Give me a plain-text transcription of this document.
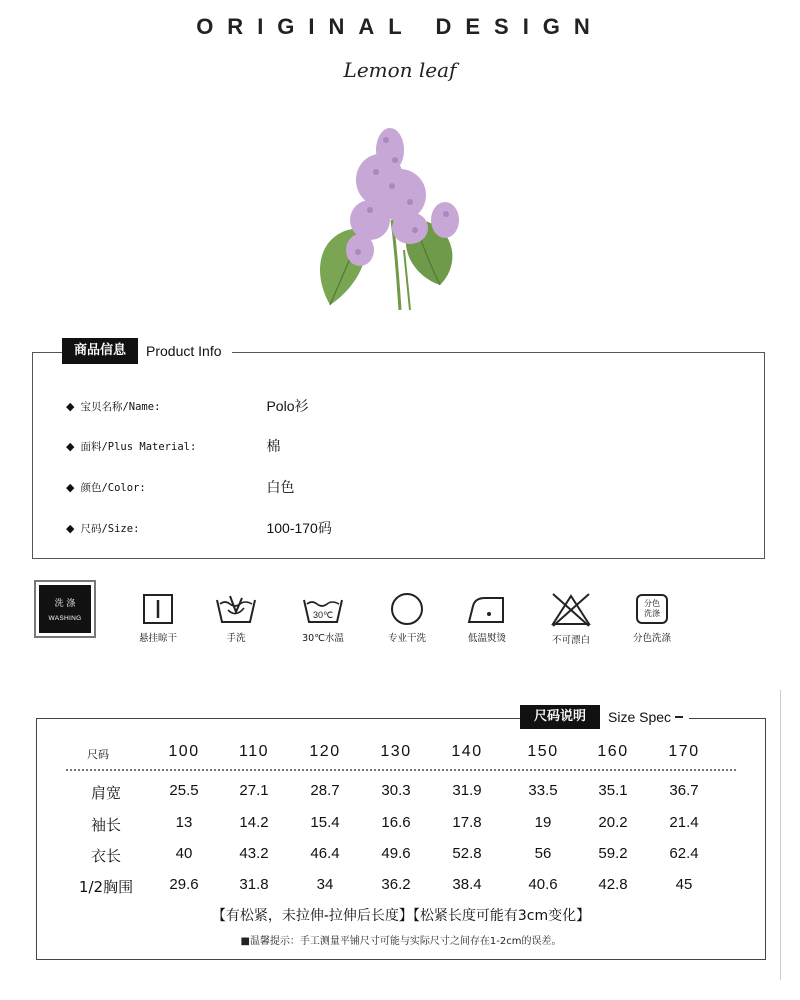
ORIGINAL DESIGN
Lemon leaf
商品信息	Product Info
◆ 宝贝名称/Name:	Polo衫
◆ 面料/Plus Material:	棉
◆ 颜色/Color:	白色
◆ 尺码/Size:	100-170码
洗 涤
WASHING
悬挂晾干	手洗
30℃
30℃水温	专业干洗	低温熨烫	不可漂白
分色洗涤
分色洗涤
尺码说明	Size Spec
尺码	100	110	120	130	140	150	160	170
肩宽	25.5	27.1	28.7	30.3	31.9	33.5	35.1	36.7
袖长	13	14.2	15.4	16.6	17.8	19	20.2	21.4
衣长	40	43.2	46.4	49.6	52.8	56	59.2	62.4
1/2胸围	29.6	31.8	34	36.2	38.4	40.6	42.8	45
【有松紧，未拉伸-拉伸后长度】【松紧长度可能有3cm变化】
■温馨提示：手工测量平铺尺寸可能与实际尺寸之间存在1-2cm的误差。
